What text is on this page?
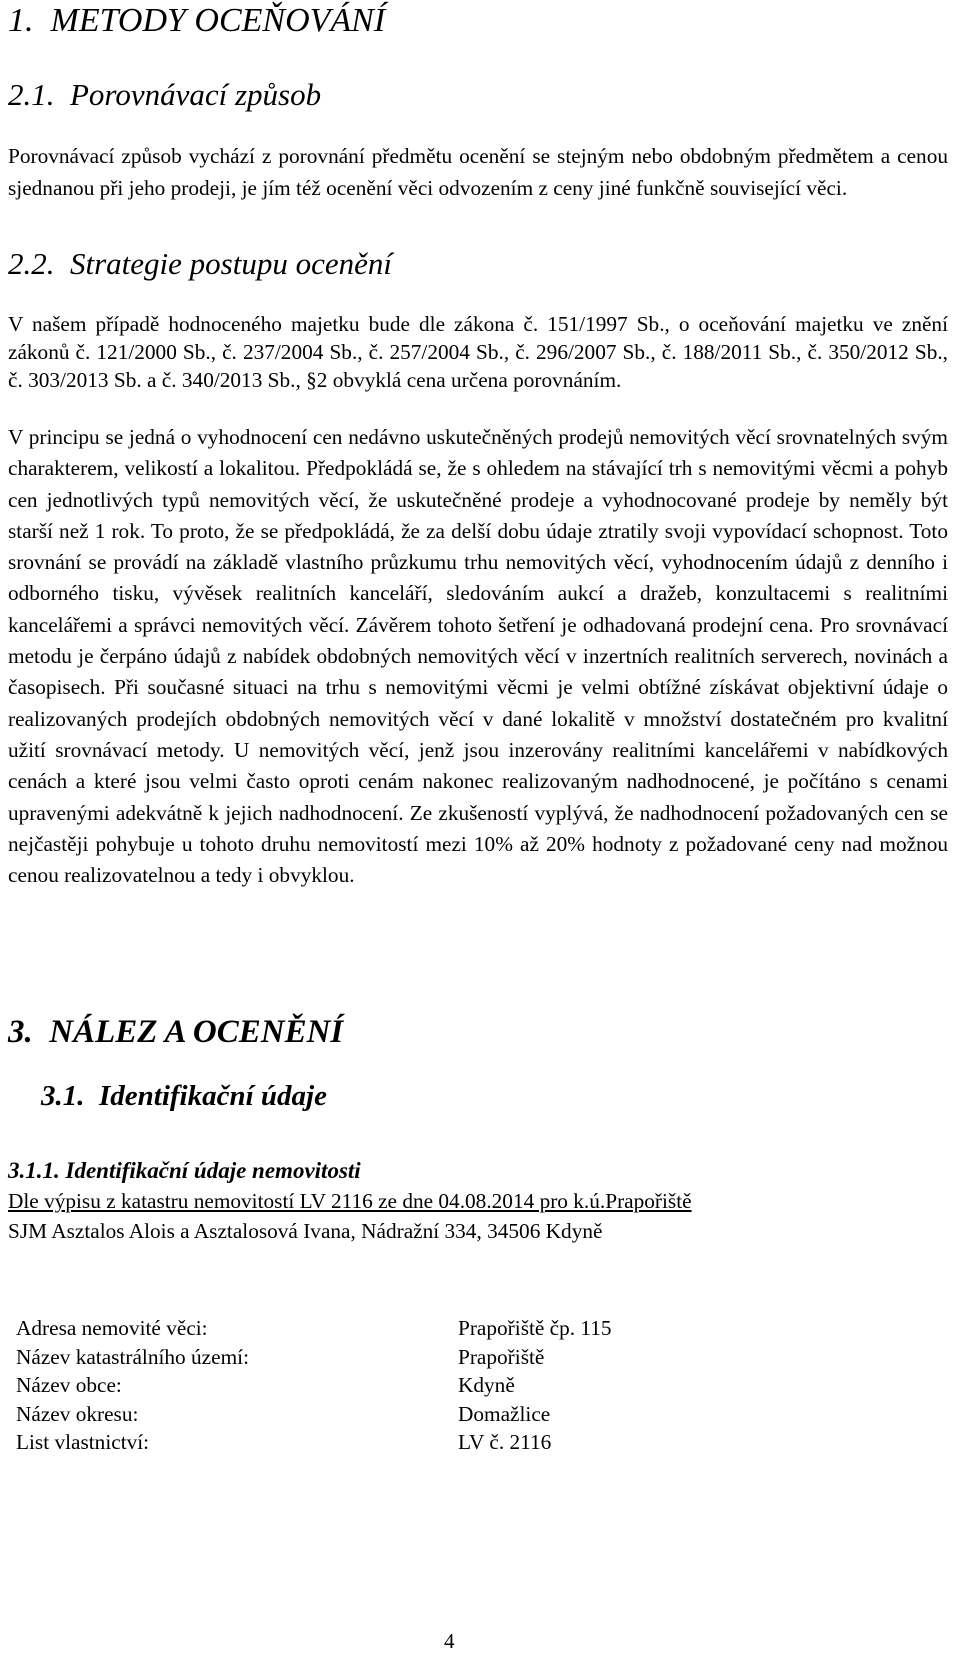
1. METODY OCEŇOVÁNÍ
2.1. Porovnávací způsob

Porovnávací způsob vychází z porovnání předmětu ocenění se stejným nebo obdobným předmětem a cenou sjednanou při jeho prodeji, je jím též ocenění věci odvozením z ceny jiné funkčně související věci.

2.2. Strategie postupu ocenění

V našem případě hodnoceného majetku bude dle zákona č. 151/1997 Sb., o oceňování majetku ve znění zákonů č. 121/2000 Sb., č. 237/2004 Sb., č. 257/2004 Sb., č. 296/2007 Sb., č. 188/2011 Sb., č. 350/2012 Sb., č. 303/2013 Sb. a č. 340/2013 Sb., §2 obvyklá cena určena porovnáním.

V principu se jedná o vyhodnocení cen nedávno uskutečněných prodejů nemovitých věcí srovnatelných svým charakterem, velikostí a lokalitou. Předpokládá se, že s ohledem na stávající trh s nemovitými věcmi a pohyb cen jednotlivých typů nemovitých věcí, že uskutečněné prodeje a vyhodnocované prodeje by neměly být starší než 1 rok. To proto, že se předpokládá, že za delší dobu údaje ztratily svoji vypovídací schopnost. Toto srovnání se provádí na základě vlastního průzkumu trhu nemovitých věcí, vyhodnocením údajů z denního i odborného tisku, vývěsek realitních kanceláří, sledováním aukcí a dražeb, konzultacemi s realitními kancelářemi a správci nemovitých věcí. Závěrem tohoto šetření je odhadovaná prodejní cena. Pro srovnávací metodu je čerpáno údajů z nabídek obdobných nemovitých věcí v inzertních realitních serverech, novinách a časopisech. Při současné situaci na trhu s nemovitými věcmi je velmi obtížné získávat objektivní údaje o realizovaných prodejích obdobných nemovitých věcí v dané lokalitě v množství dostatečném pro kvalitní užití srovnávací metody. U nemovitých věcí, jenž jsou inzerovány realitními kancelářemi v nabídkových cenách a které jsou velmi často oproti cenám nakonec realizovaným nadhodnocené, je počítáno s cenami upravenými adekvátně k jejich nadhodnocení. Ze zkušeností vyplývá, že nadhodnocení požadovaných cen se nejčastěji pohybuje u tohoto druhu nemovitostí mezi 10% až 20% hodnoty z požadované ceny nad možnou cenou realizovatelnou a tedy i obvyklou.

3. NÁLEZ A OCENĚNÍ
3.1. Identifikační údaje
3.1.1. Identifikační údaje nemovitosti
Dle výpisu z katastru nemovitostí LV 2116 ze dne 04.08.2014 pro k.ú.Prapořiště
SJM Asztalos Alois a Asztalosová Ivana, Nádražní 334, 34506 Kdyně
Adresa nemovité věci:	Prapořiště čp. 115
Název katastrálního území:	Prapořiště
Název obce:	Kdyně
Název okresu:	Domažlice
List vlastnictví:	LV č. 2116
4
